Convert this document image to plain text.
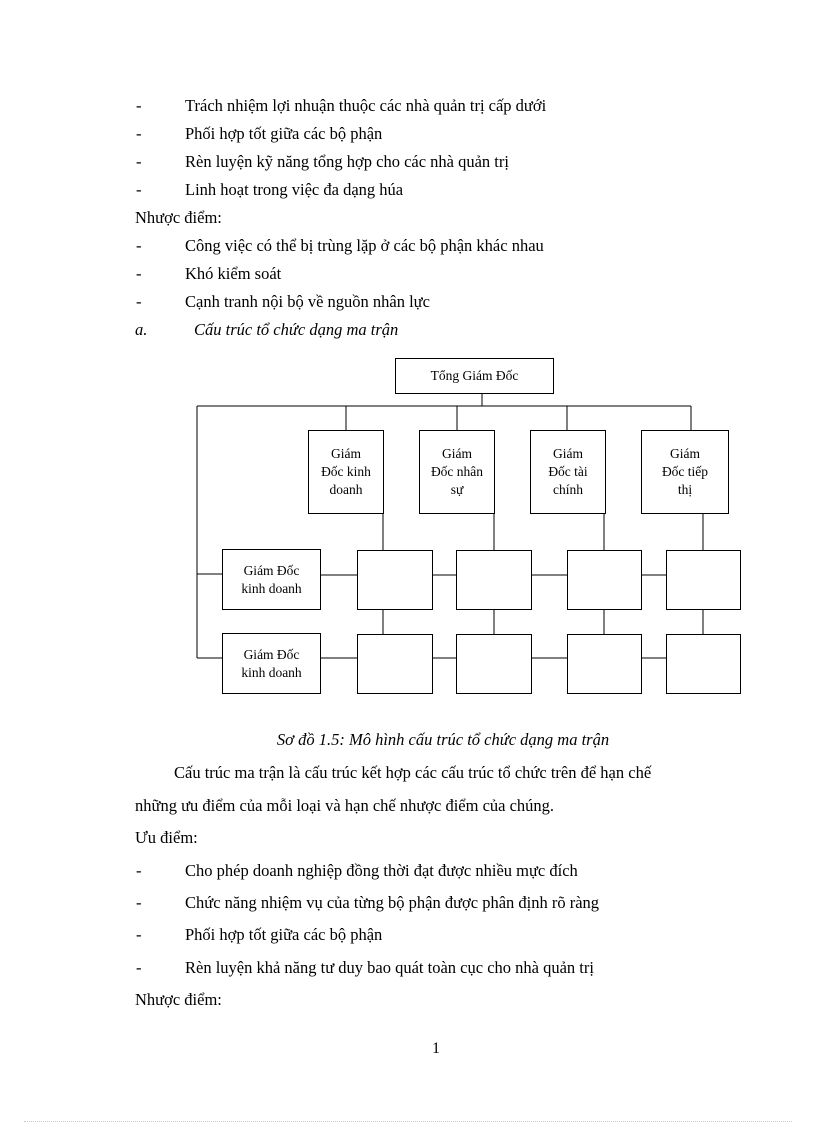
-	Trách nhiệm lợi nhuận thuộc các nhà quản trị cấp dưới
-	Phối hợp tốt giữa các bộ phận
-	Rèn luyện kỹ năng tổng hợp cho các nhà quản trị
-	Linh hoạt trong việc đa dạng húa
Nhược điểm:
-	Công việc có thể bị trùng lặp ở các bộ phận khác nhau
-	Khó kiểm soát
-	Cạnh tranh nội bộ về nguồn nhân lực
a.	Cấu trúc tổ chức dạng ma trận
Tổng Giám Đốc
Giám
Đốc kinh
doanh
Giám
Đốc nhân
sự
Giám
Đốc tài
chính
Giám
Đốc tiếp
thị
Giám Đốc
kinh doanh
Giám Đốc
kinh doanh
Sơ đồ 1.5: Mô hình cấu trúc tổ chức dạng ma trận
Cấu trúc ma trận là cấu trúc kết hợp các cấu trúc tổ chức trên để hạn chế
những ưu điểm của mỗi loại và hạn chế nhược điểm của chúng.
Ưu điểm:
-	Cho phép doanh nghiệp đồng thời đạt được nhiều mực đích
-	Chức năng nhiệm vụ của từng bộ phận được phân định rõ ràng
-	Phối hợp tốt giữa các bộ phận
-	Rèn luyện khả năng tư duy bao quát toàn cục cho nhà quản trị
Nhược điểm:
1
